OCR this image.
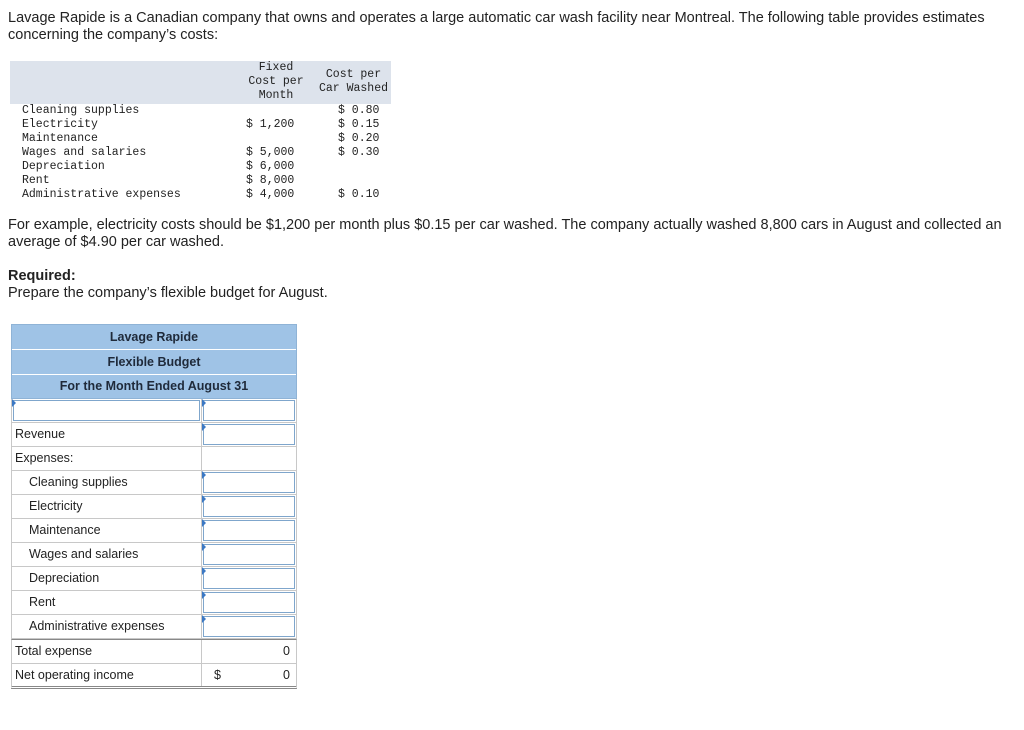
Lavage Rapide is a Canadian company that owns and operates a large automatic car wash facility near Montreal. The following table provides estimates concerning the company’s costs:

	Fixed
Cost per
Month	Cost per
Car Washed
Cleaning supplies		$ 0.80
Electricity	$ 1,200	$ 0.15
Maintenance		$ 0.20
Wages and salaries	$ 5,000	$ 0.30
Depreciation	$ 6,000	
Rent	$ 8,000	
Administrative expenses	$ 4,000	$ 0.10

For example, electricity costs should be $1,200 per month plus $0.15 per car washed. The company actually washed 8,800 cars in August and collected an average of $4.90 per car washed.

Required:

Prepare the company’s flexible budget for August.

Lavage Rapide
Flexible Budget
For the Month Ended August 31
Revenue
Expenses:
Cleaning supplies
Electricity
Maintenance
Wages and salaries
Depreciation
Rent
Administrative expenses
Total expense	0
Net operating income	$	0
